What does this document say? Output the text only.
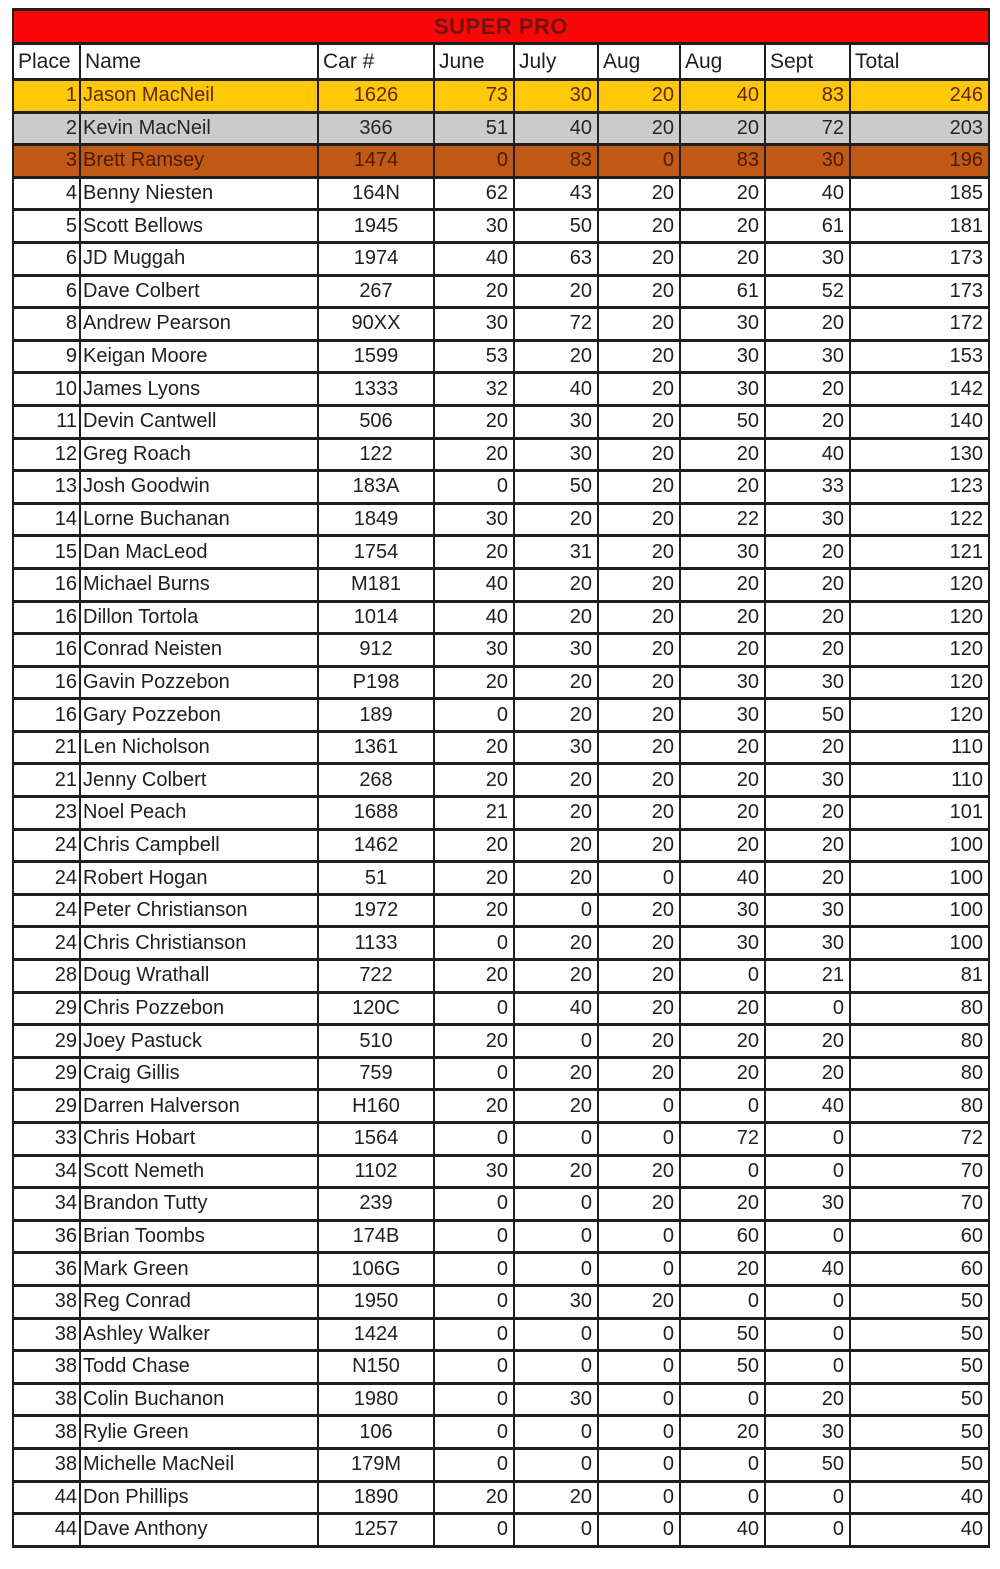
SUPER PRO								
Place	Name	Car #	June	July	Aug	Aug	Sept	Total
1	Jason MacNeil	1626	73	30	20	40	83	246
2	Kevin MacNeil	366	51	40	20	20	72	203
3	Brett Ramsey	1474	0	83	0	83	30	196
4	Benny Niesten	164N	62	43	20	20	40	185
5	Scott Bellows	1945	30	50	20	20	61	181
6	JD Muggah	1974	40	63	20	20	30	173
6	Dave Colbert	267	20	20	20	61	52	173
8	Andrew Pearson	90XX	30	72	20	30	20	172
9	Keigan Moore	1599	53	20	20	30	30	153
10	James Lyons	1333	32	40	20	30	20	142
11	Devin Cantwell	506	20	30	20	50	20	140
12	Greg Roach	122	20	30	20	20	40	130
13	Josh Goodwin	183A	0	50	20	20	33	123
14	Lorne Buchanan	1849	30	20	20	22	30	122
15	Dan MacLeod	1754	20	31	20	30	20	121
16	Michael Burns	M181	40	20	20	20	20	120
16	Dillon Tortola	1014	40	20	20	20	20	120
16	Conrad Neisten	912	30	30	20	20	20	120
16	Gavin Pozzebon	P198	20	20	20	30	30	120
16	Gary Pozzebon	189	0	20	20	30	50	120
21	Len Nicholson	1361	20	30	20	20	20	110
21	Jenny Colbert	268	20	20	20	20	30	110
23	Noel Peach	1688	21	20	20	20	20	101
24	Chris Campbell	1462	20	20	20	20	20	100
24	Robert Hogan	51	20	20	0	40	20	100
24	Peter Christianson	1972	20	0	20	30	30	100
24	Chris Christianson	1133	0	20	20	30	30	100
28	Doug Wrathall	722	20	20	20	0	21	81
29	Chris Pozzebon	120C	0	40	20	20	0	80
29	Joey Pastuck	510	20	0	20	20	20	80
29	Craig Gillis	759	0	20	20	20	20	80
29	Darren Halverson	H160	20	20	0	0	40	80
33	Chris Hobart	1564	0	0	0	72	0	72
34	Scott Nemeth	1102	30	20	20	0	0	70
34	Brandon Tutty	239	0	0	20	20	30	70
36	Brian Toombs	174B	0	0	0	60	0	60
36	Mark Green	106G	0	0	0	20	40	60
38	Reg Conrad	1950	0	30	20	0	0	50
38	Ashley Walker	1424	0	0	0	50	0	50
38	Todd Chase	N150	0	0	0	50	0	50
38	Colin Buchanon	1980	0	30	0	0	20	50
38	Rylie Green	106	0	0	0	20	30	50
38	Michelle MacNeil	179M	0	0	0	0	50	50
44	Don Phillips	1890	20	20	0	0	0	40
44	Dave Anthony	1257	0	0	0	40	0	40
